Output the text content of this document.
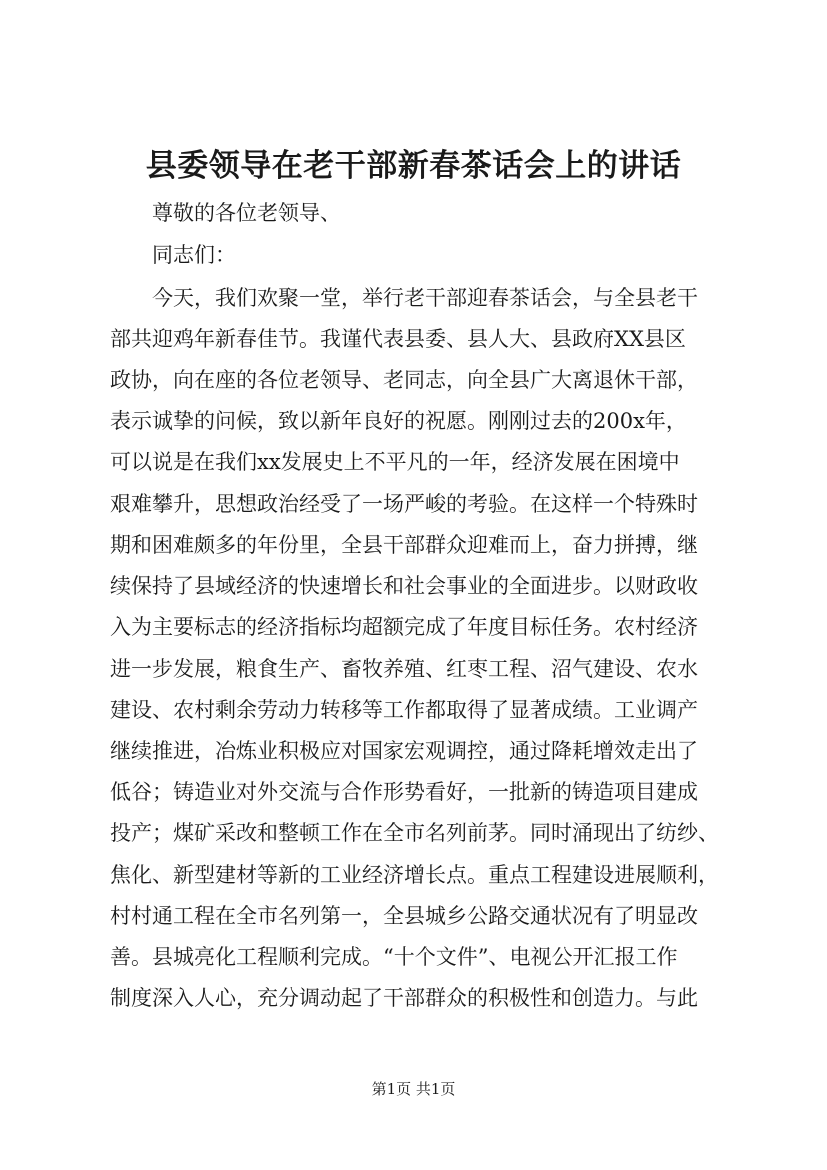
县委领导在老干部新春茶话会上的讲话

尊敬的各位老领导、

同志们：

今天，我们欢聚一堂，举行老干部迎春茶话会，与全县老干

部共迎鸡年新春佳节。我谨代表县委、县人大、县政府XX县区

政协，向在座的各位老领导、老同志，向全县广大离退休干部，

表示诚挚的问候，致以新年良好的祝愿。刚刚过去的200x年，

可以说是在我们xx发展史上不平凡的一年，经济发展在困境中

艰难攀升，思想政治经受了一场严峻的考验。在这样一个特殊时

期和困难颇多的年份里，全县干部群众迎难而上，奋力拼搏，继

续保持了县域经济的快速增长和社会事业的全面进步。以财政收

入为主要标志的经济指标均超额完成了年度目标任务。农村经济

进一步发展，粮食生产、畜牧养殖、红枣工程、沼气建设、农水

建设、农村剩余劳动力转移等工作都取得了显著成绩。工业调产

继续推进，冶炼业积极应对国家宏观调控，通过降耗增效走出了

低谷；铸造业对外交流与合作形势看好，一批新的铸造项目建成

投产；煤矿采改和整顿工作在全市名列前茅。同时涌现出了纺纱、

焦化、新型建材等新的工业经济增长点。重点工程建设进展顺利，

村村通工程在全市名列第一，全县城乡公路交通状况有了明显改

善。县城亮化工程顺利完成。“十个文件”、电视公开汇报工作

制度深入人心，充分调动起了干部群众的积极性和创造力。与此

第1页 共1页
